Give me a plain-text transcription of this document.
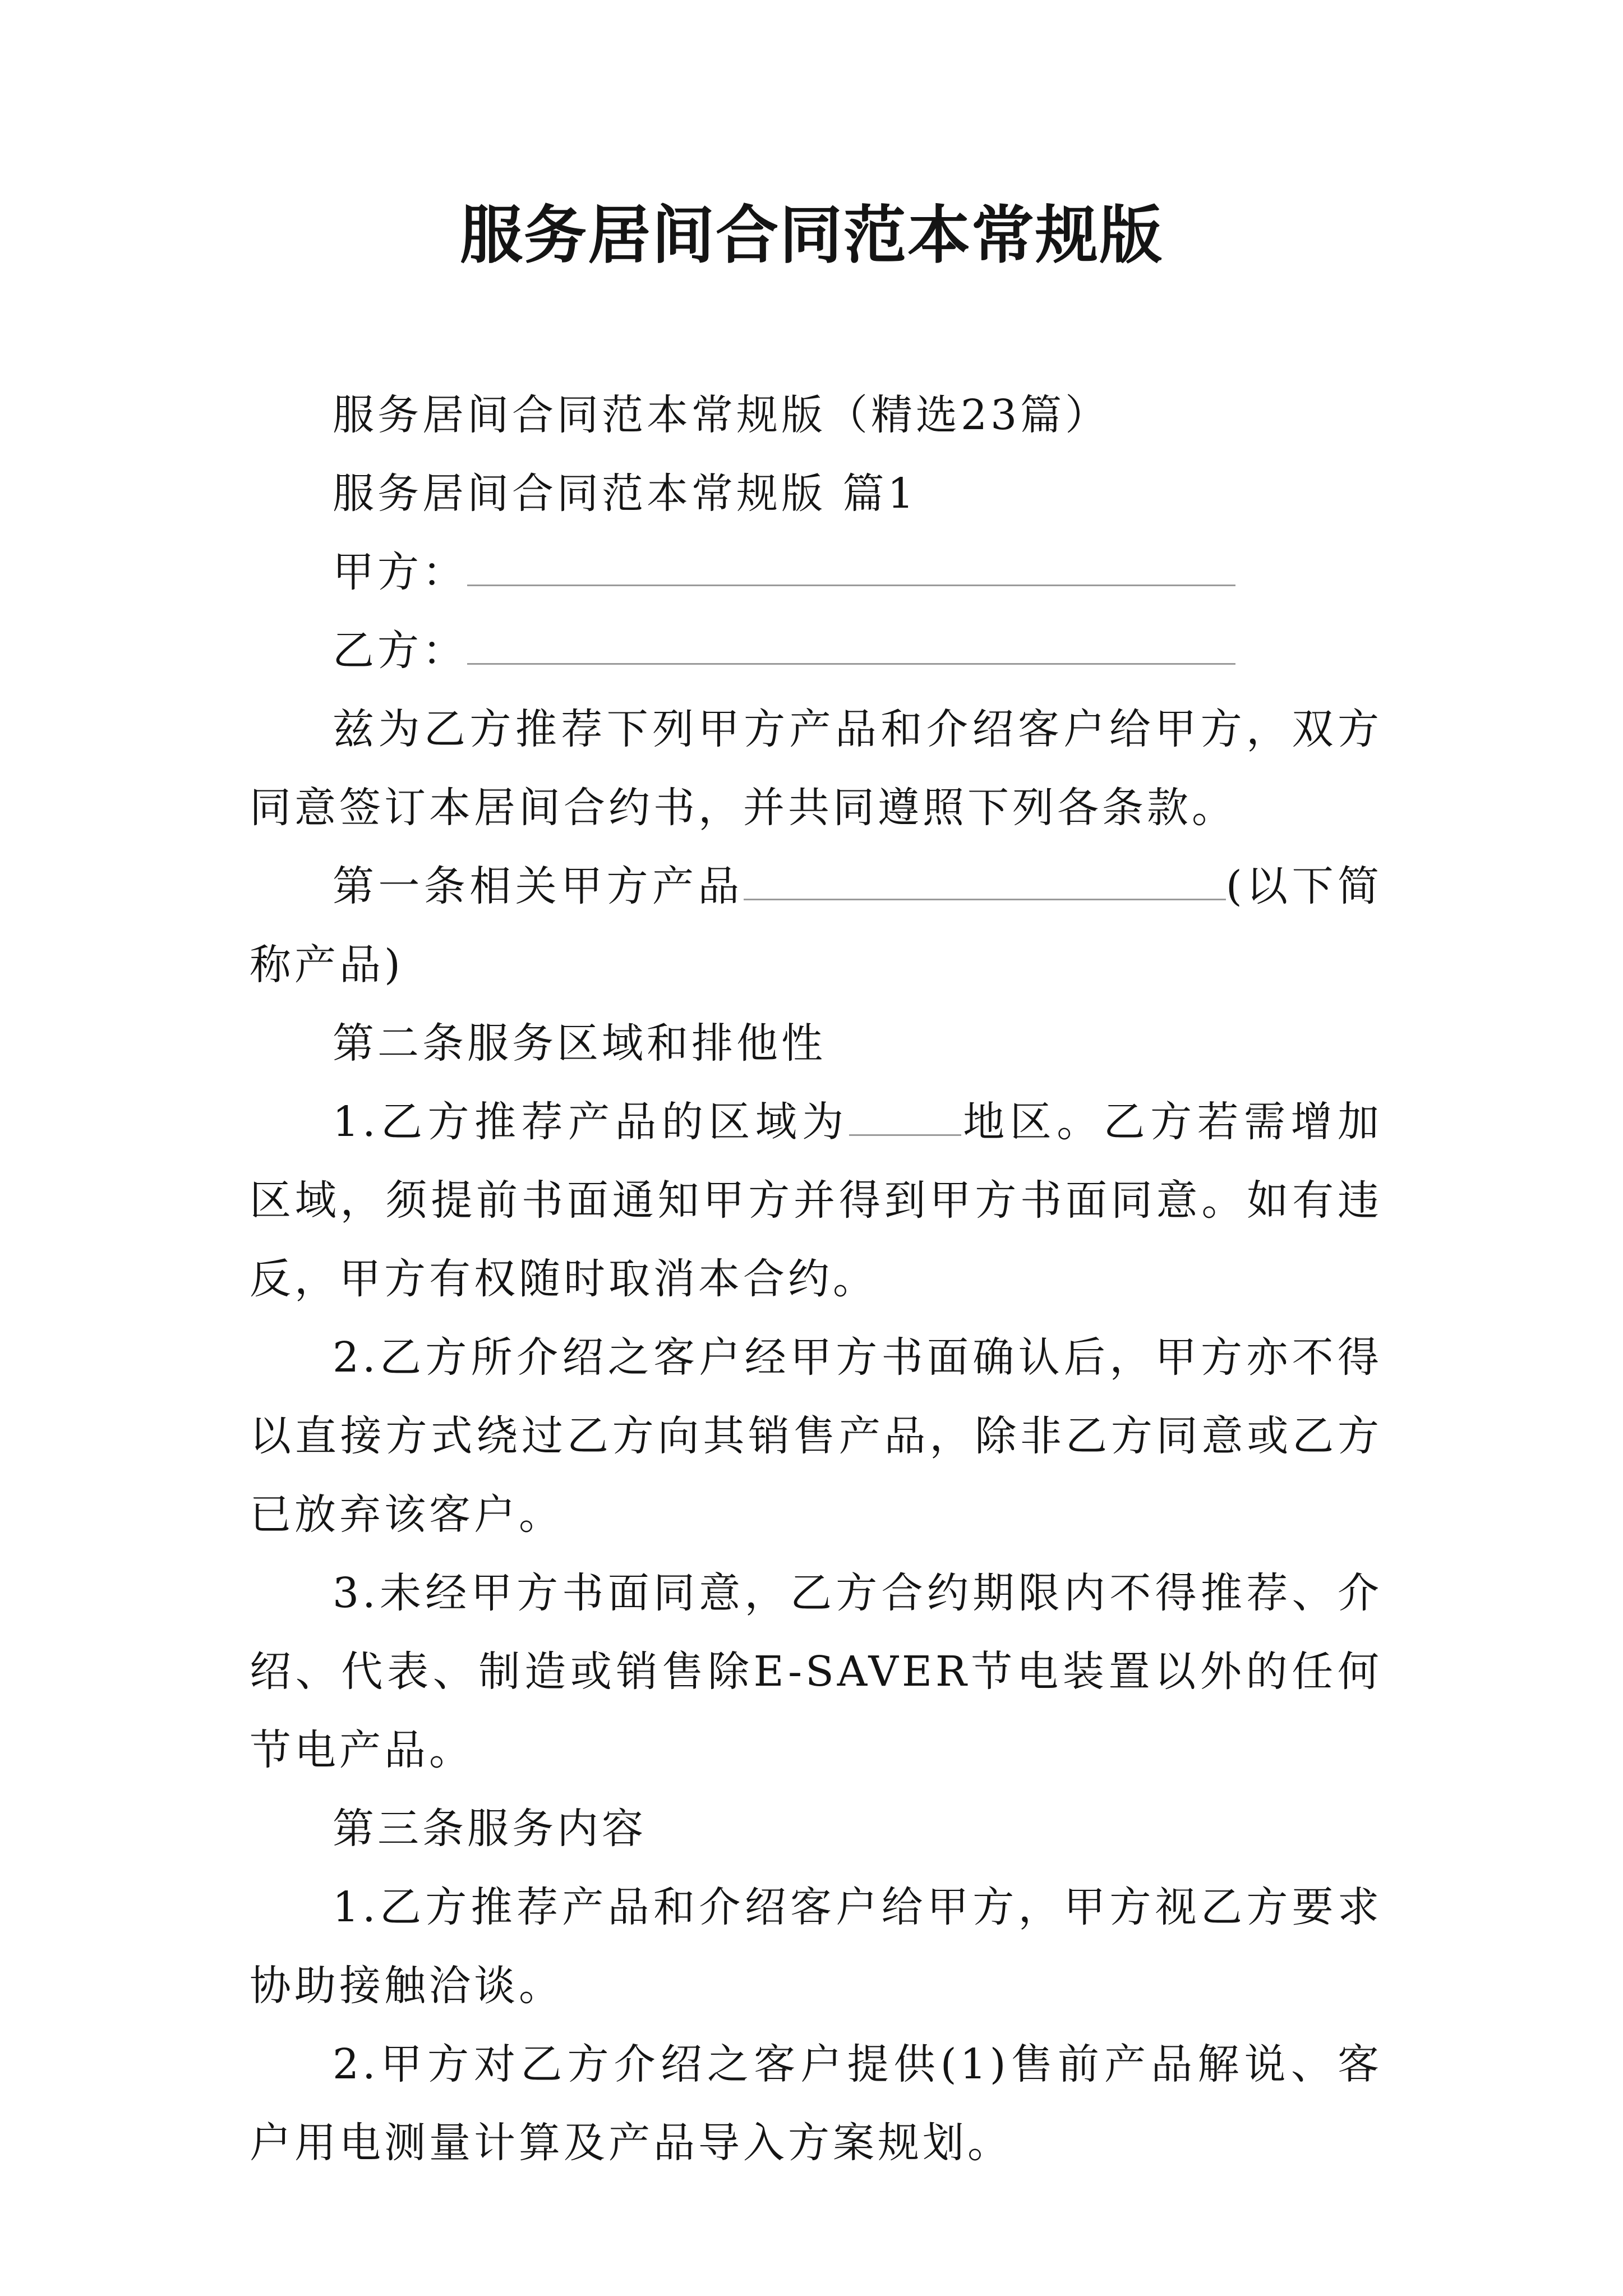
服务居间合同范本常规版

服务居间合同范本常规版（精选23篇）

服务居间合同范本常规版 篇1

甲方：

乙方：

兹为乙方推荐下列甲方产品和介绍客户给甲方，双方同意签订本居间合约书，并共同遵照下列各条款。

第一条相关甲方产品	(以下简称产品)

第二条服务区域和排他性

1.乙方推荐产品的区域为	地区。乙方若需增加区域，须提前书面通知甲方并得到甲方书面同意。如有违反，甲方有权随时取消本合约。

2.乙方所介绍之客户经甲方书面确认后，甲方亦不得以直接方式绕过乙方向其销售产品，除非乙方同意或乙方已放弃该客户。

3.未经甲方书面同意，乙方合约期限内不得推荐、介绍、代表、制造或销售除E-SAVER节电装置以外的任何节电产品。

第三条服务内容

1.乙方推荐产品和介绍客户给甲方，甲方视乙方要求协助接触洽谈。

2.甲方对乙方介绍之客户提供(1)售前产品解说、客户用电测量计算及产品导入方案规划。
